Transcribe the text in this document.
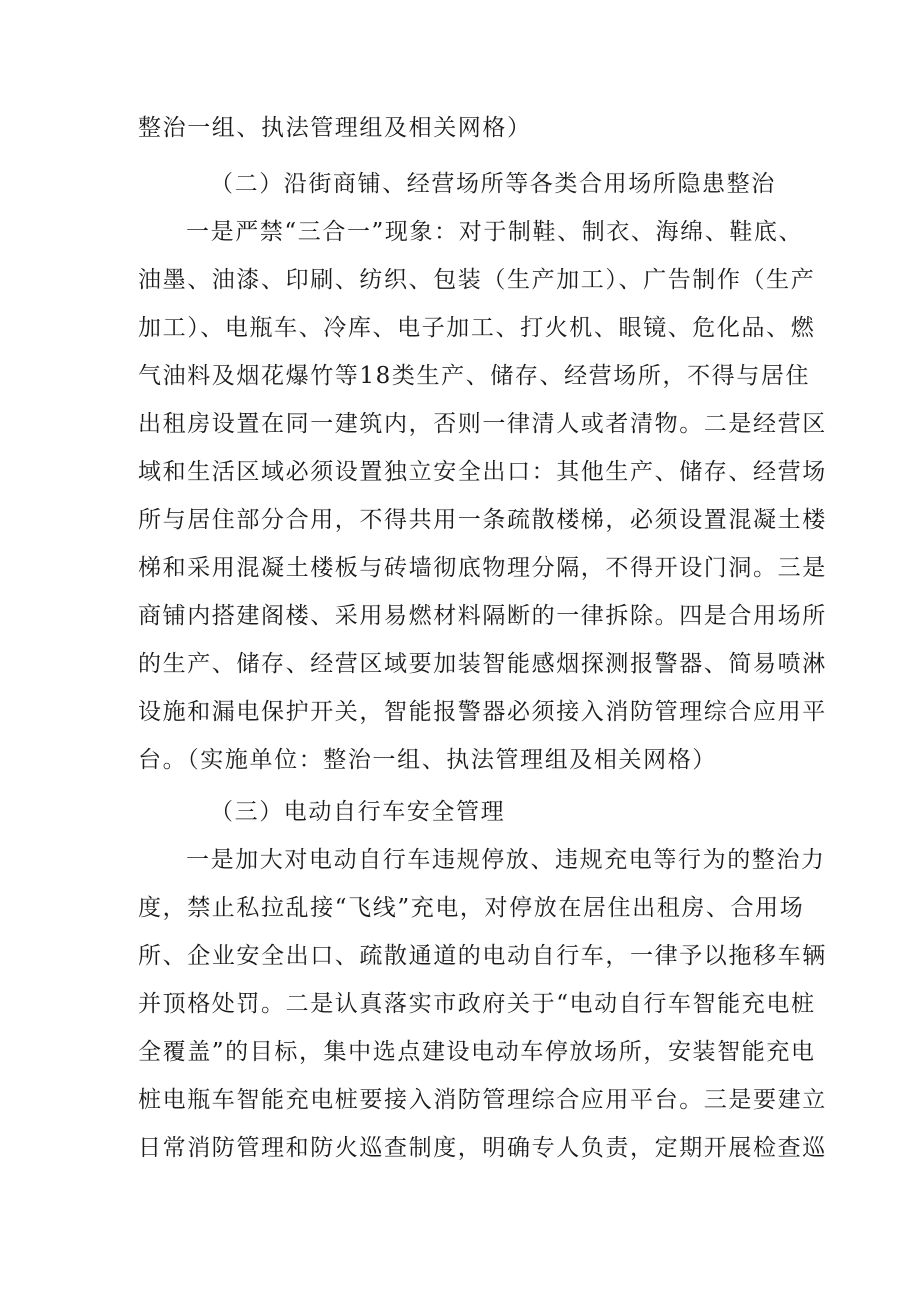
整治一组、执法管理组及相关网格）
（二）沿街商铺、经营场所等各类合用场所隐患整治
一是严禁“三合一”现象：对于制鞋、制衣、海绵、鞋底、
油墨、油漆、印刷、纺织、包装（生产加工）、广告制作（生产
加工）、电瓶车、冷库、电子加工、打火机、眼镜、危化品、燃
气油料及烟花爆竹等18类生产、储存、经营场所，不得与居住
出租房设置在同一建筑内，否则一律清人或者清物。二是经营区
域和生活区域必须设置独立安全出口：其他生产、储存、经营场
所与居住部分合用，不得共用一条疏散楼梯，必须设置混凝土楼
梯和采用混凝土楼板与砖墙彻底物理分隔，不得开设门洞。三是
商铺内搭建阁楼、采用易燃材料隔断的一律拆除。四是合用场所
的生产、储存、经营区域要加装智能感烟探测报警器、简易喷淋
设施和漏电保护开关，智能报警器必须接入消防管理综合应用平
台。（实施单位：整治一组、执法管理组及相关网格）
（三）电动自行车安全管理
一是加大对电动自行车违规停放、违规充电等行为的整治力
度，禁止私拉乱接“飞线”充电，对停放在居住出租房、合用场
所、企业安全出口、疏散通道的电动自行车，一律予以拖移车辆
并顶格处罚。二是认真落实市政府关于“电动自行车智能充电桩
全覆盖”的目标，集中选点建设电动车停放场所，安装智能充电
桩电瓶车智能充电桩要接入消防管理综合应用平台。三是要建立
日常消防管理和防火巡查制度，明确专人负责，定期开展检查巡
